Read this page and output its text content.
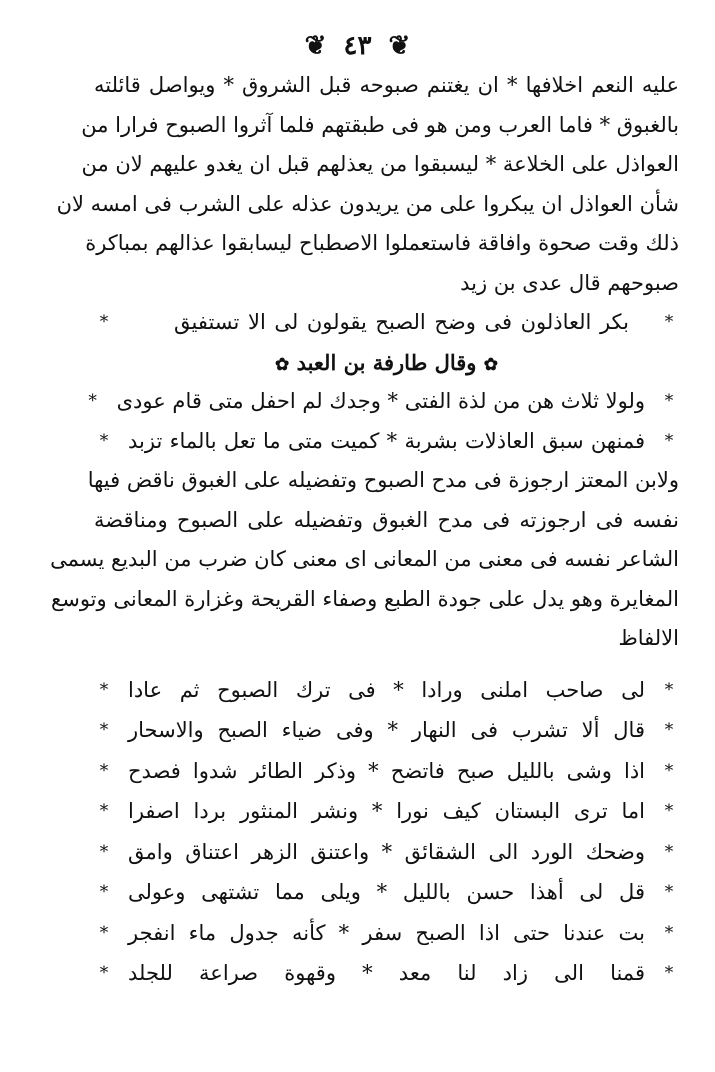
❦ ٤٣ ❦
عليه النعم اخلافها * ان يغتنم صبوحه قبل الشروق * ويواصل قائلته
بالغبوق * فاما العرب ومن هو فى طبقتهم فلما آثروا الصبوح فرارا من
العواذل على الخلاعة * ليسبقوا من يعذلهم قبل ان يغدو عليهم لان من
شأن العواذل ان يبكروا على من يريدون عذله على الشرب فى امسه لان
ذلك وقت صحوة وافاقة فاستعملوا الاصطباح ليسابقوا عذالهم بمباكرة
صبوحهم قال عدى بن زيد
*
بكر العاذلون فى وضح الصبح يقولون لى الا تستفيق
*
✿ وقال طارفة بن العبد ✿
*
ولولا ثلاث هن من لذة الفتى * وجدك لم احفل متى قام عودى
*
*
فمنهن سبق العاذلات بشربة * كميت متى ما تعل بالماء تزبد
*
ولابن المعتز ارجوزة فى مدح الصبوح وتفضيله على الغبوق ناقض فيها
نفسه فى ارجوزته فى مدح الغبوق وتفضيله على الصبوح ومناقضة
الشاعر نفسه فى معنى من المعانى اى معنى كان ضرب من البديع يسمى
المغايرة وهو يدل على جودة الطبع وصفاء القريحة وغزارة المعانى وتوسع
الالفاظ
*
لى صاحب املنى ورادا * فى ترك الصبوح ثم عادا
*
*
قال ألا تشرب فى النهار * وفى ضياء الصبح والاسحار
*
*
اذا وشى بالليل صبح فاتضح * وذكر الطائر شدوا فصدح
*
*
اما ترى البستان كيف نورا * ونشر المنثور بردا اصفرا
*
*
وضحك الورد الى الشقائق * واعتنق الزهر اعتناق وامق
*
*
قل لى أهذا حسن بالليل * ويلى مما تشتهى وعولى
*
*
بت عندنا حتى اذا الصبح سفر * كأنه جدول ماء انفجر
*
*
قمنا الى زاد لنا معد * وقهوة صراعة للجلد
*
